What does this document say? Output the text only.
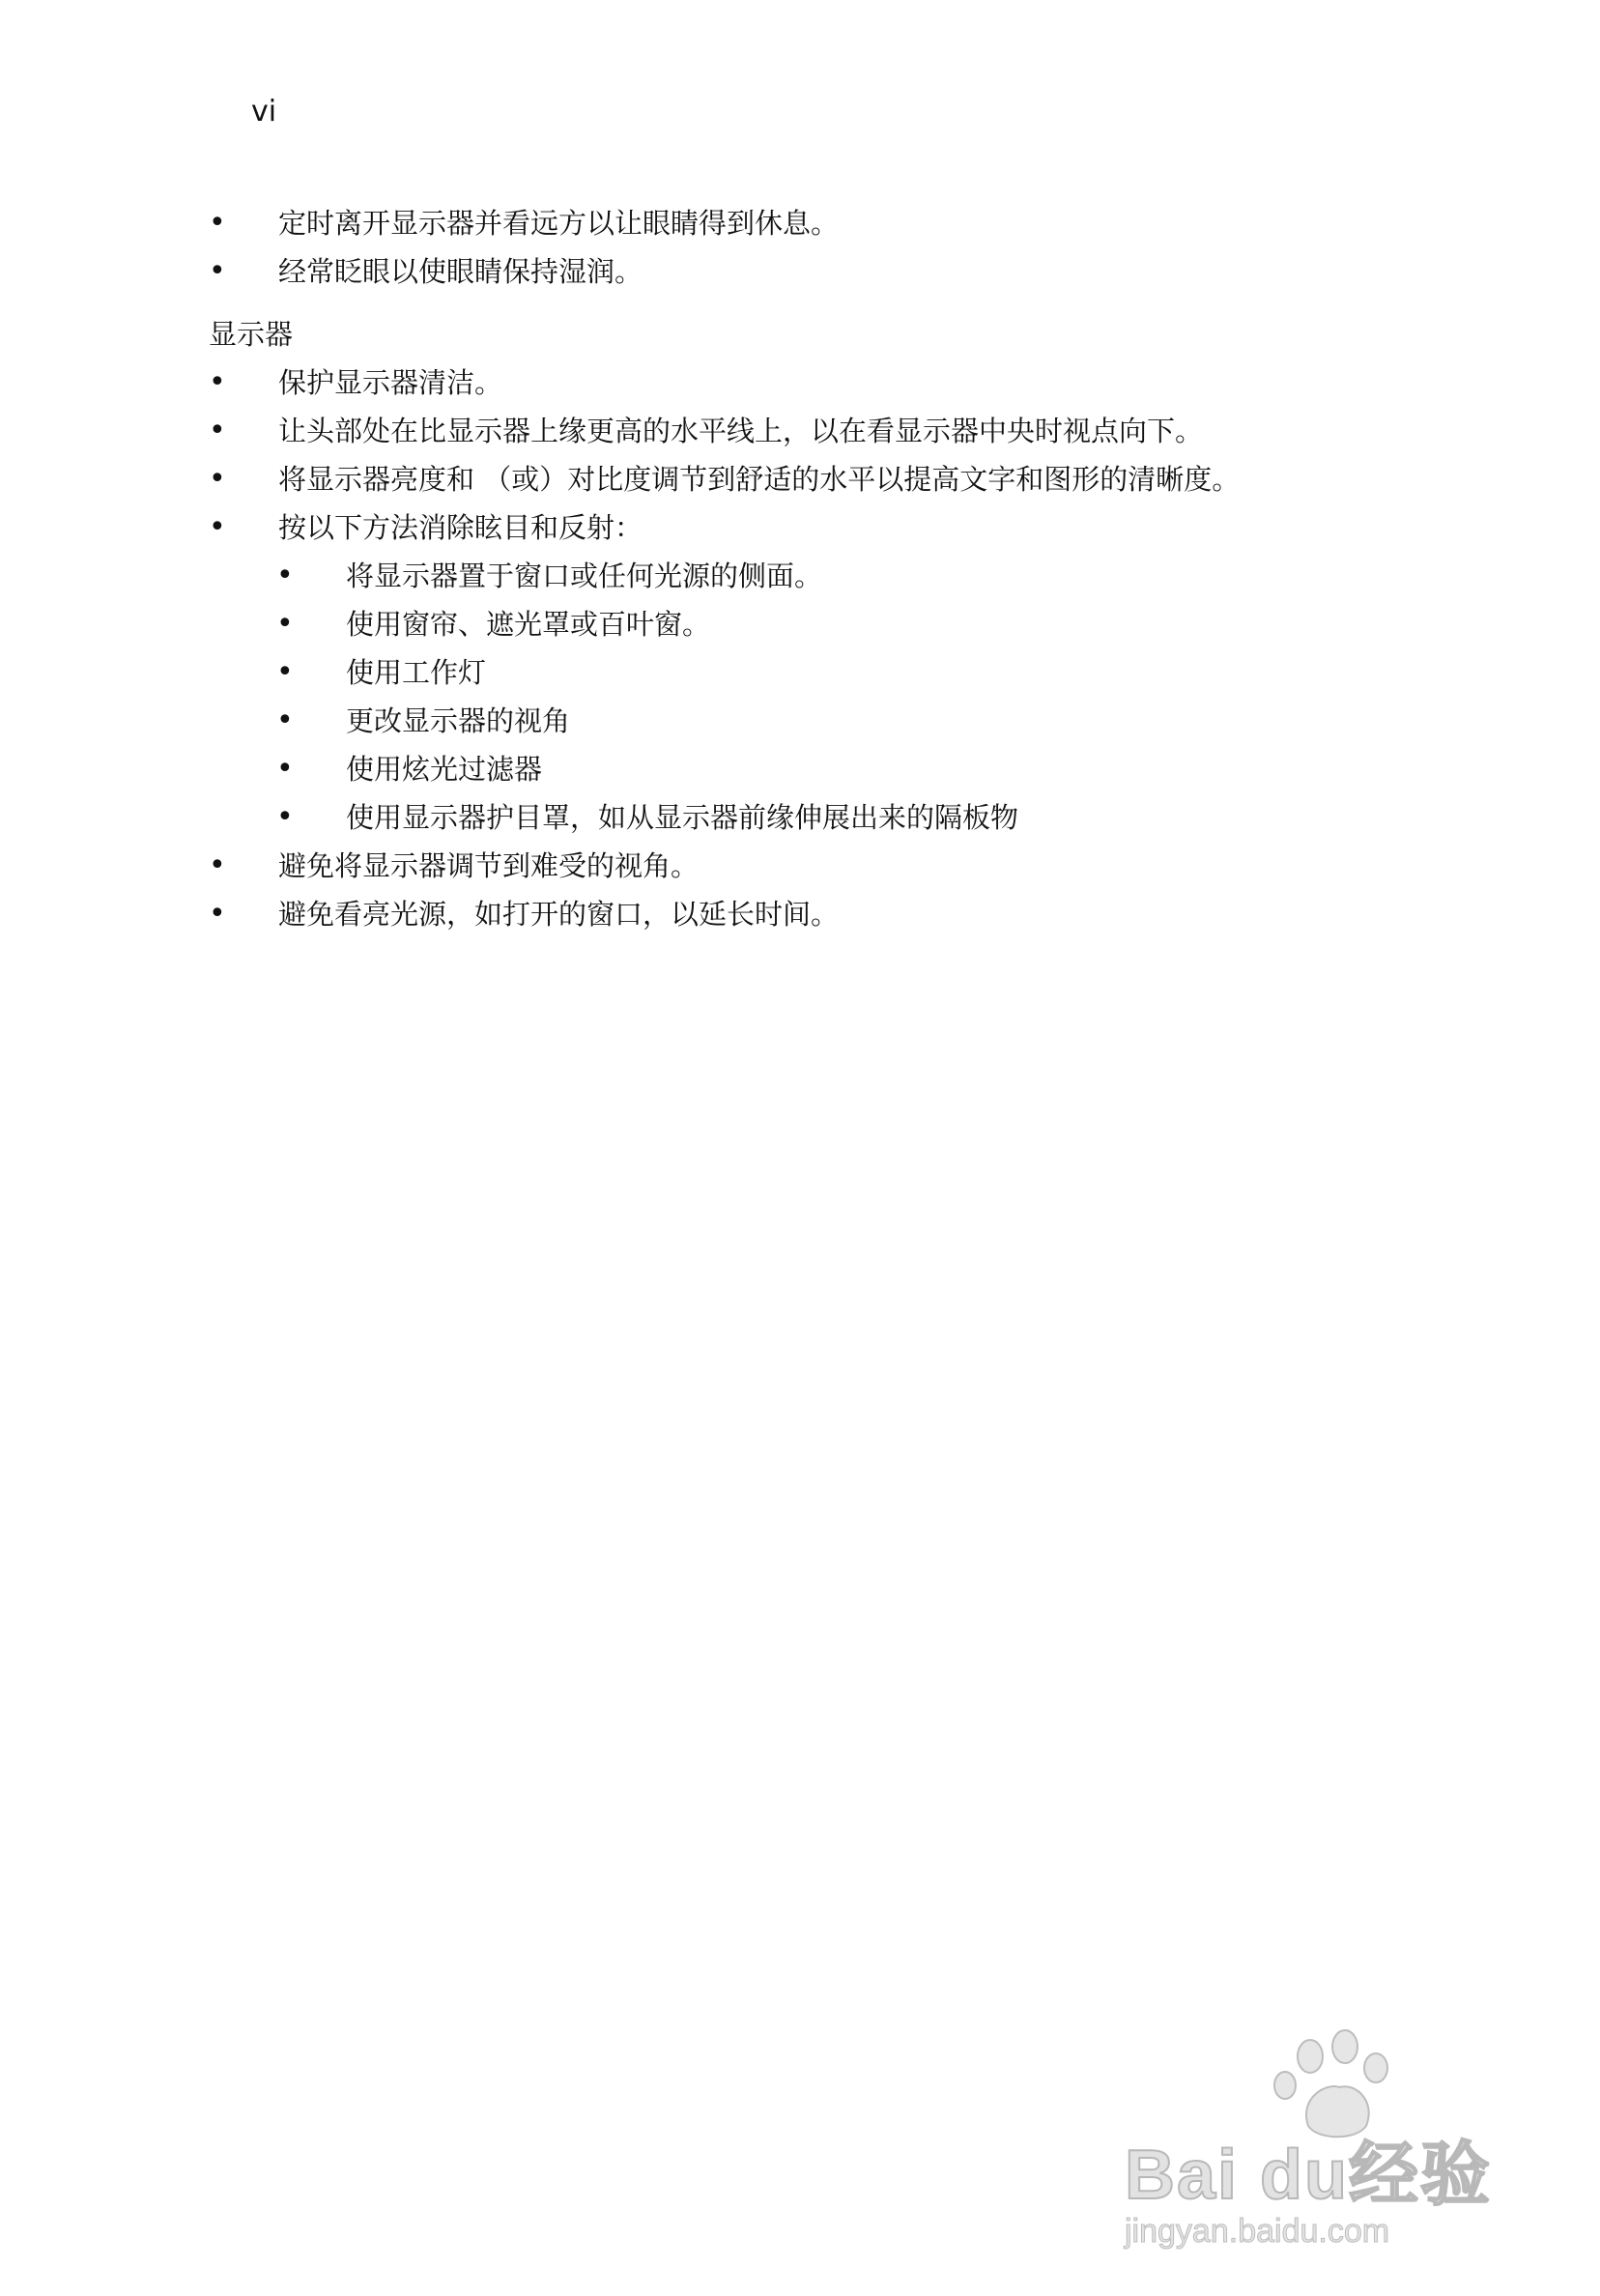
vi
• 定时离开显示器并看远方以让眼睛得到休息。
• 经常眨眼以使眼睛保持湿润。
显示器
• 保护显示器清洁。
• 让头部处在比显示器上缘更高的水平线上，以在看显示器中央时视点向下。
• 将显示器亮度和 （或）对比度调节到舒适的水平以提高文字和图形的清晰度。
• 按以下方法消除眩目和反射：
• 将显示器置于窗口或任何光源的侧面。
• 使用窗帘、遮光罩或百叶窗。
• 使用工作灯
• 更改显示器的视角
• 使用炫光过滤器
• 使用显示器护目罩，如从显示器前缘伸展出来的隔板物
• 避免将显示器调节到难受的视角。
• 避免看亮光源，如打开的窗口，以延长时间。
Bai du经验
jingyan.baidu.com
